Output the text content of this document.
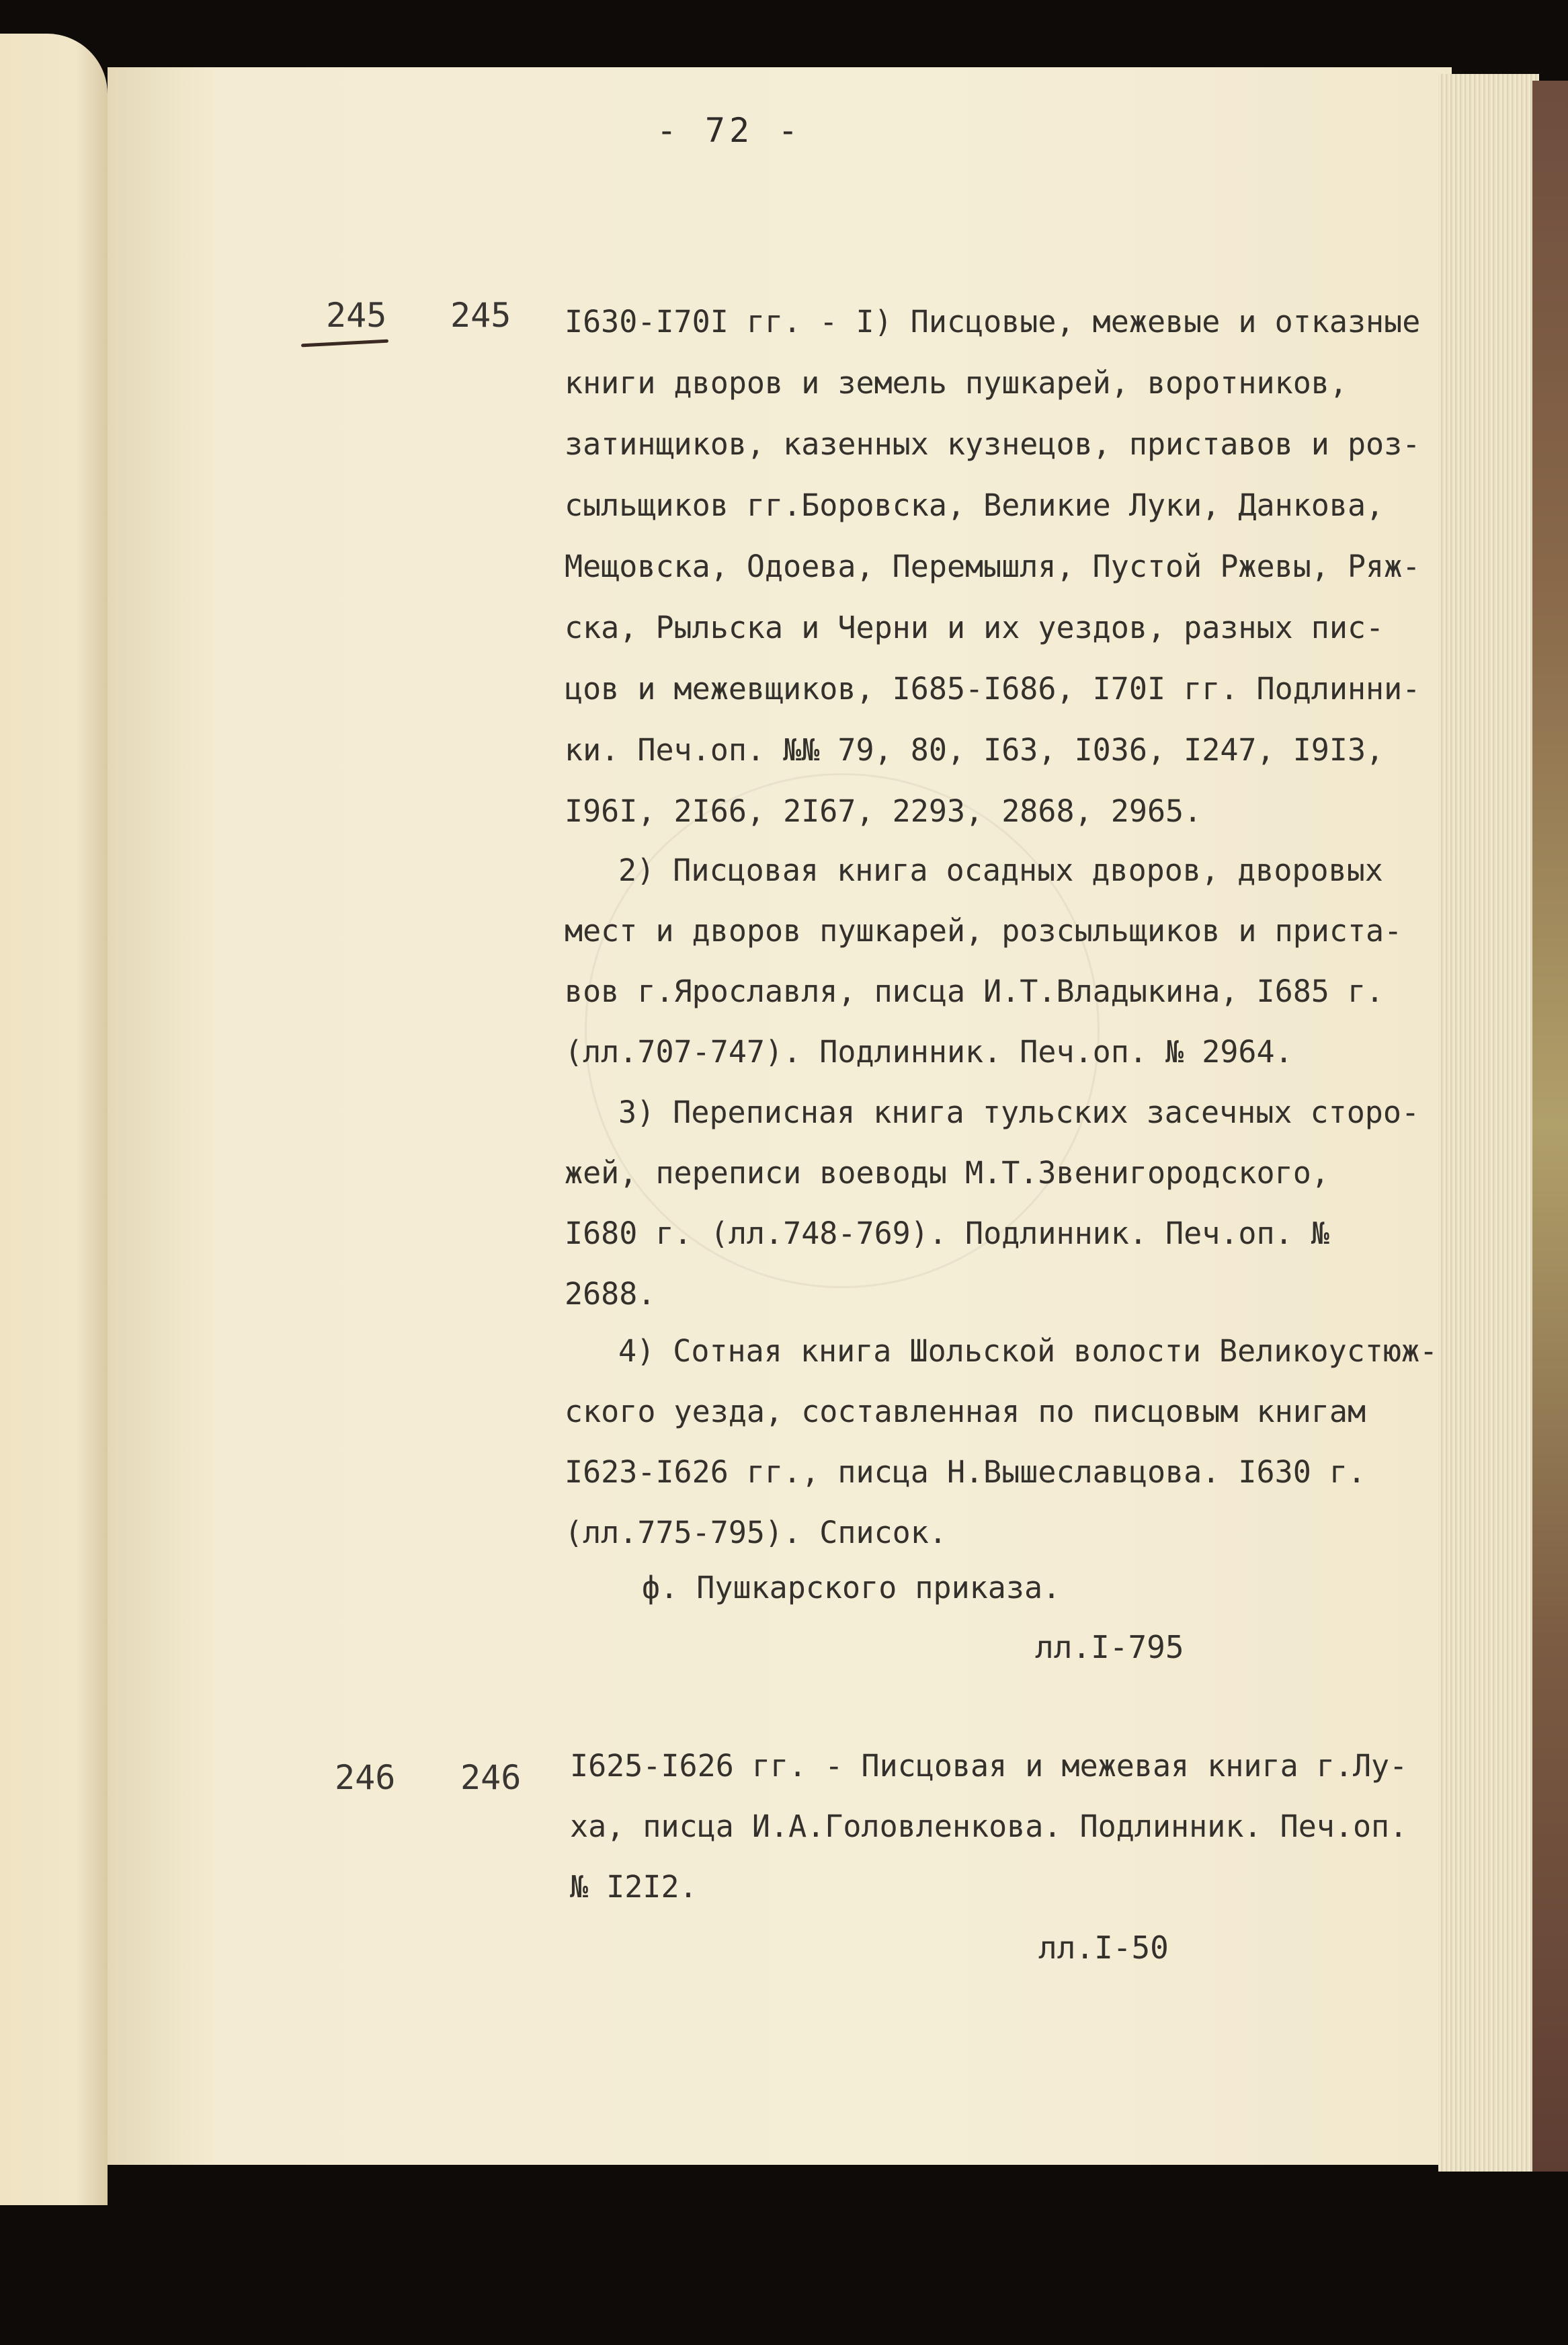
- 72 -
245 245 I630-I70I гг. - I) Писцовые, межевые и отказные
книги дворов и земель пушкарей, воротников,
затинщиков, казенных кузнецов, приставов и роз-
сыльщиков гг.Боровска, Великие Луки, Данкова,
Мещовска, Одоева, Перемышля, Пустой Ржевы, Ряж-
ска, Рыльска и Черни и их уездов, разных пис-
цов и межевщиков, I685-I686, I70I гг. Подлинни-
ки. Печ.оп. №№ 79, 80, I63, I036, I247, I9I3,
I96I, 2I66, 2I67, 2293, 2868, 2965.
2) Писцовая книга осадных дворов, дворовых
мест и дворов пушкарей, розсыльщиков и приста-
вов г.Ярославля, писца И.Т.Владыкина, I685 г.
(лл.707-747). Подлинник. Печ.оп. № 2964.
3) Переписная книга тульских засечных сторо-
жей, переписи воеводы М.Т.Звенигородского,
I680 г. (лл.748-769). Подлинник. Печ.оп. №
2688.
4) Сотная книга Шольской волости Великоустюж-
ского уезда, составленная по писцовым книгам
I623-I626 гг., писца Н.Вышеславцова. I630 г.
(лл.775-795). Список.
ф. Пушкарского приказа.
лл.I-795
246 246 I625-I626 гг. - Писцовая и межевая книга г.Лу-
ха, писца И.А.Головленкова. Подлинник. Печ.оп.
№ I2I2.
лл.I-50
